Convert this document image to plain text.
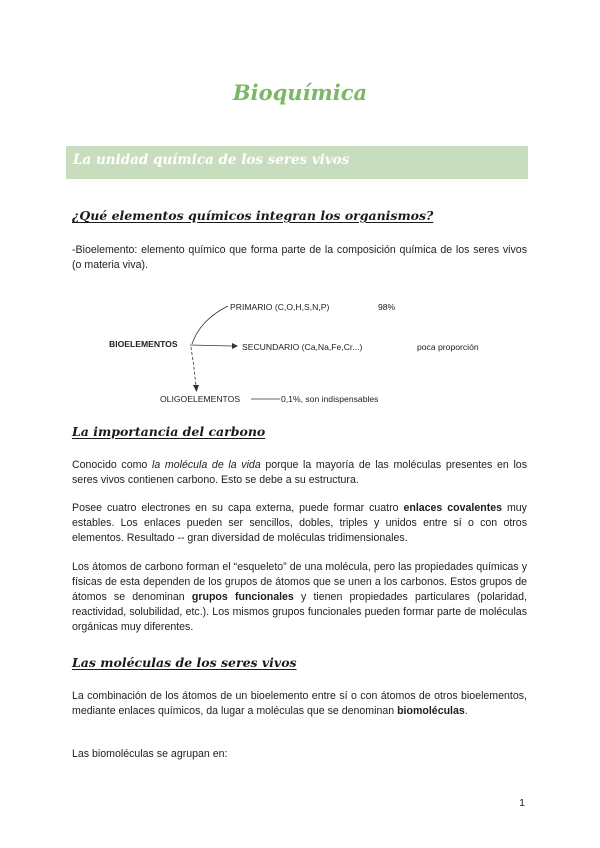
Bioquímica
La unidad química de los seres vivos
¿Qué elementos químicos integran los organismos?
-Bioelemento: elemento químico que forma parte de la composición química de los seres vivos (o materia viva).
BIOELEMENTOS
PRIMARIO (C,O,H,S,N,P)	98%
SECUNDARIO (Ca,Na,Fe,Cr...)	poca proporción
OLIGOELEMENTOS	0,1%, son indispensables
La importancia del carbono
Conocido como la molécula de la vida porque la mayoría de las moléculas presentes en los seres vivos contienen carbono. Esto se debe a su estructura.
Posee cuatro electrones en su capa externa, puede formar cuatro enlaces covalentes muy estables. Los enlaces pueden ser sencillos, dobles, triples y unidos entre sí o con otros elementos. Resultado -- gran diversidad de moléculas tridimensionales.
Los átomos de carbono forman el “esqueleto” de una molécula, pero las propiedades químicas y físicas de esta dependen de los grupos de átomos que se unen a los carbonos. Estos grupos de átomos se denominan grupos funcionales y tienen propiedades particulares (polaridad, reactividad, solubilidad, etc.). Los mismos grupos funcionales pueden formar parte de moléculas orgánicas muy diferentes.
Las moléculas de los seres vivos
La combinación de los átomos de un bioelemento entre sí o con átomos de otros bioelementos, mediante enlaces químicos, da lugar a moléculas que se denominan biomoléculas.
Las biomoléculas se agrupan en:
1
